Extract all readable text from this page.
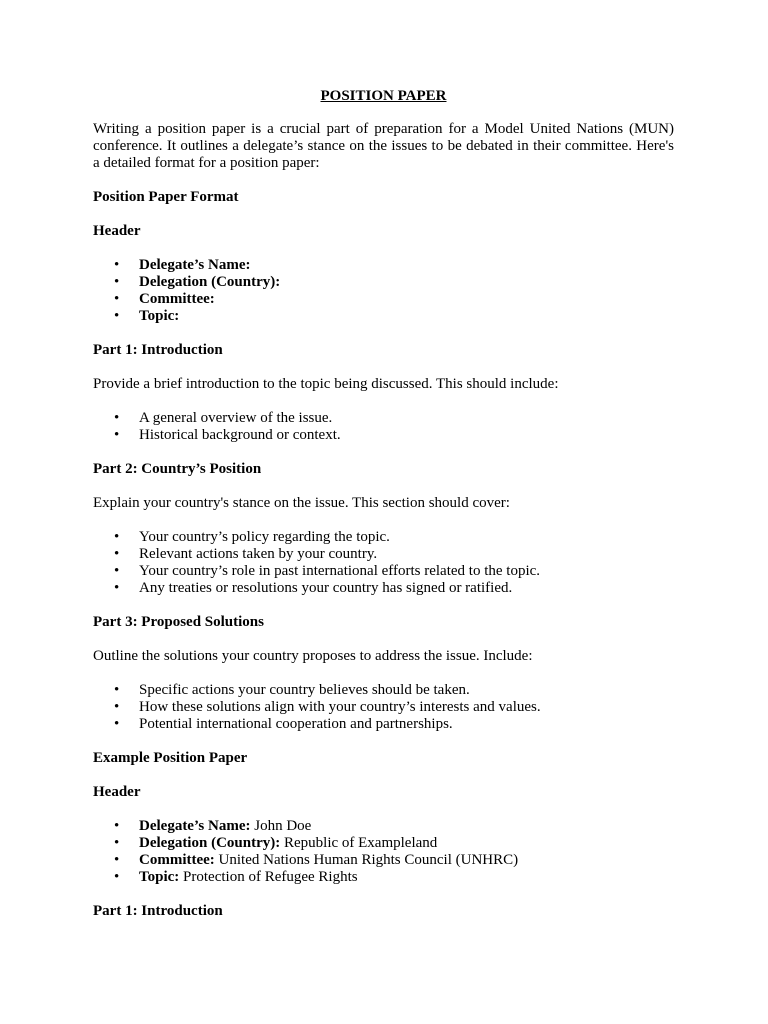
POSITION PAPER

Writing a position paper is a crucial part of preparation for a Model United Nations (MUN) conference. It outlines a delegate’s stance on the issues to be debated in their committee. Here's a detailed format for a position paper:

Position Paper Format

Header

• Delegate’s Name:
• Delegation (Country):
• Committee:
• Topic:

Part 1: Introduction

Provide a brief introduction to the topic being discussed. This should include:

• A general overview of the issue.
• Historical background or context.

Part 2: Country’s Position

Explain your country's stance on the issue. This section should cover:

• Your country’s policy regarding the topic.
• Relevant actions taken by your country.
• Your country’s role in past international efforts related to the topic.
• Any treaties or resolutions your country has signed or ratified.

Part 3: Proposed Solutions

Outline the solutions your country proposes to address the issue. Include:

• Specific actions your country believes should be taken.
• How these solutions align with your country’s interests and values.
• Potential international cooperation and partnerships.

Example Position Paper

Header

• Delegate’s Name: John Doe
• Delegation (Country): Republic of Exampleland
• Committee: United Nations Human Rights Council (UNHRC)
• Topic: Protection of Refugee Rights

Part 1: Introduction
